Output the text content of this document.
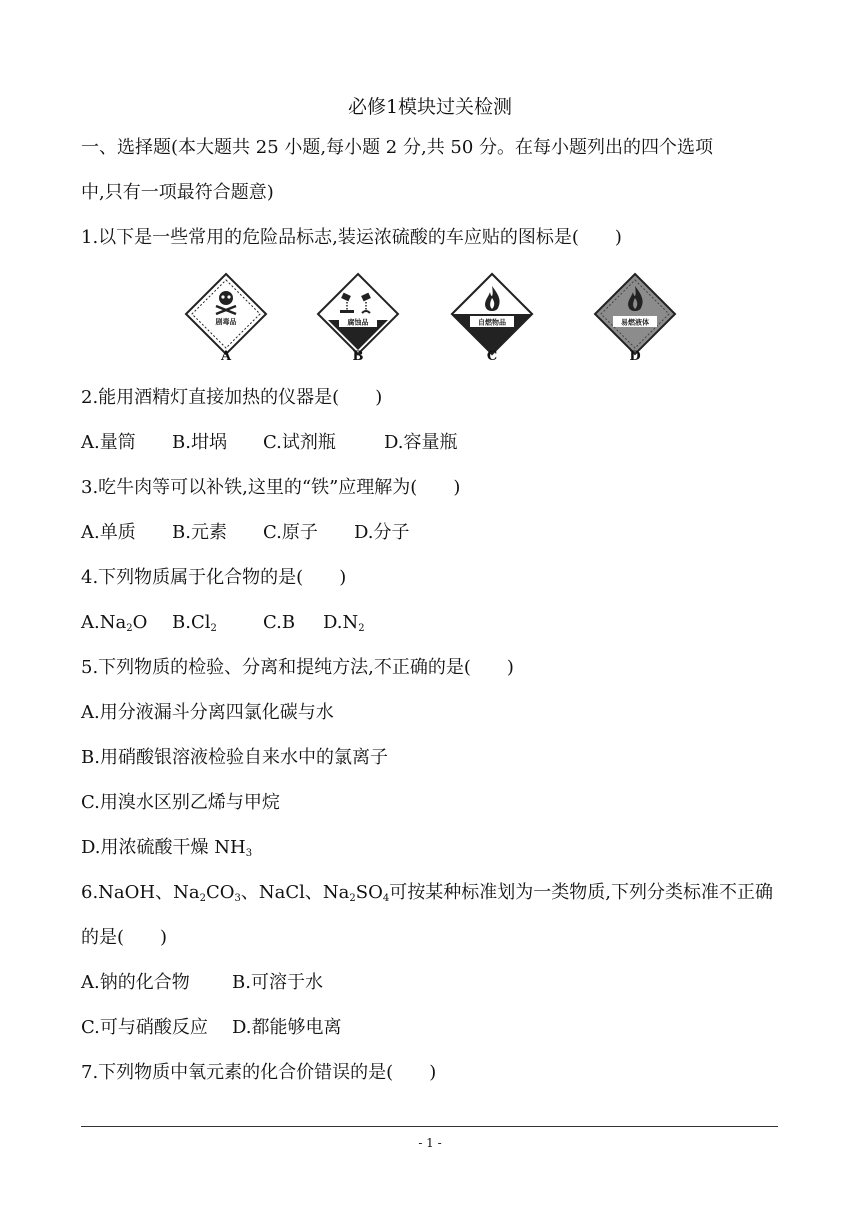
必修1模块过关检测
一、选择题(本大题共 25 小题,每小题 2 分,共 50 分。在每小题列出的四个选项
中,只有一项最符合题意)
1.以下是一些常用的危险品标志,装运浓硫酸的车应贴的图标是(　　)
剧毒品
A
腐蚀品
B
自燃物品
C
易燃液体
D
2.能用酒精灯直接加热的仪器是(　　)
A.量筒 B.坩埚 C.试剂瓶	D.容量瓶
3.吃牛肉等可以补铁,这里的“铁”应理解为(　　)
A.单质 B.元素 C.原子 D.分子
4.下列物质属于化合物的是(　　)
$A.Na_2O$ $B.Cl_2$	C.B $D.N_2$
5.下列物质的检验、分离和提纯方法,不正确的是(　　)
A.用分液漏斗分离四氯化碳与水
B.用硝酸银溶液检验自来水中的氯离子
C.用溴水区别乙烯与甲烷
D.用浓硫酸干燥 $NH_3$
6.NaOH、$Na_2CO_3$、NaCl、$Na_2SO_4$可按某种标准划为一类物质,下列分类标准不正确
的是(　　)
A.钠的化合物 B.可溶于水
C.可与硝酸反应 D.都能够电离
7.下列物质中氧元素的化合价错误的是(　　)
- 1 -
